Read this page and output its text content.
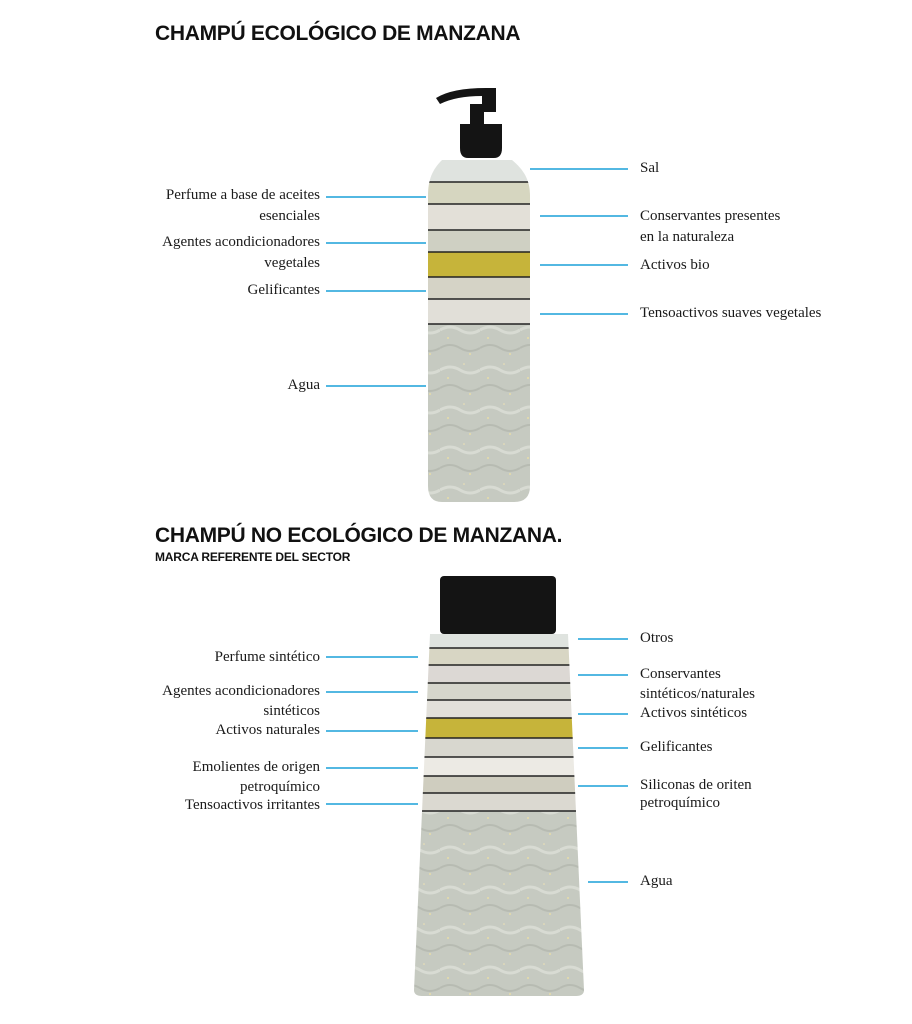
CHAMPÚ ECOLÓGICO DE MANZANA
CHAMPÚ NO ECOLÓGICO DE MANZANA.
MARCA REFERENTE DEL SECTOR
Sal
Conservantes presentes
en la naturaleza
Activos bio
Tensoactivos suaves vegetales
Perfume a base de aceites
esenciales
Agentes acondicionadores
vegetales
Gelificantes
Agua
Otros
Conservantes
sintéticos/naturales
Activos sintéticos
Gelificantes
Siliconas de oriten
petroquímico
Agua
Perfume sintético
Agentes acondicionadores
sintéticos
Activos naturales
Emolientes de origen
petroquímico
Tensoactivos irritantes
